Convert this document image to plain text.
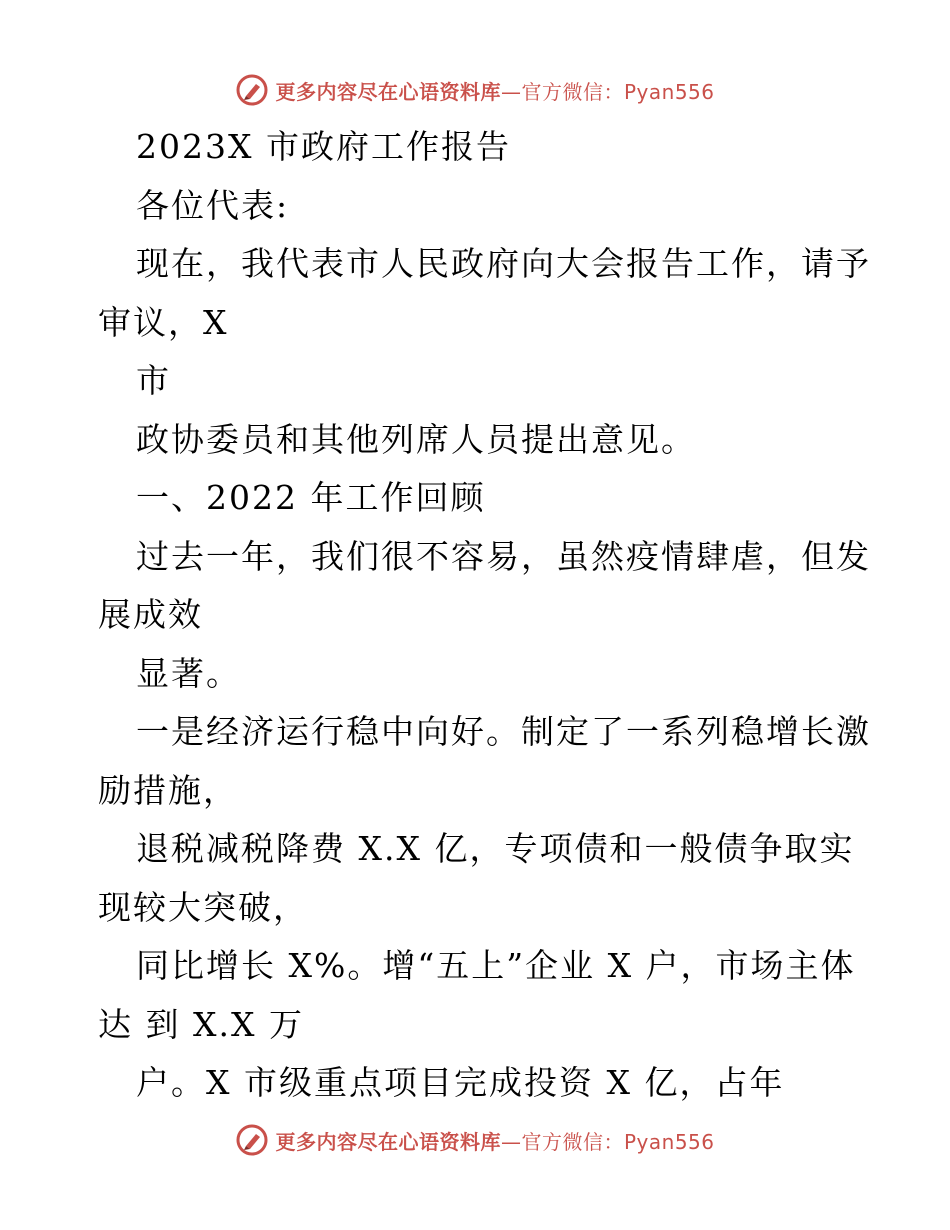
更多内容尽在心语资料库—官方微信：Pyan556
2023X 市政府工作报告
各位代表:
现在，我代表市人民政府向大会报告工作，请予
审议，X
市
政协委员和其他列席人员提出意见。
一、2022 年工作回顾
过去一年，我们很不容易，虽然疫情肆虐，但发
展成效
显著。
一是经济运行稳中向好。制定了一系列稳增长激
励措施，
退税减税降费 X.X 亿，专项债和一般债争取实
现较大突破，
同比增长 X%。增“五上”企业 X 户，市场主体
达 到 X.X 万
户。X 市级重点项目完成投资 X 亿，占年
更多内容尽在心语资料库—官方微信：Pyan556
